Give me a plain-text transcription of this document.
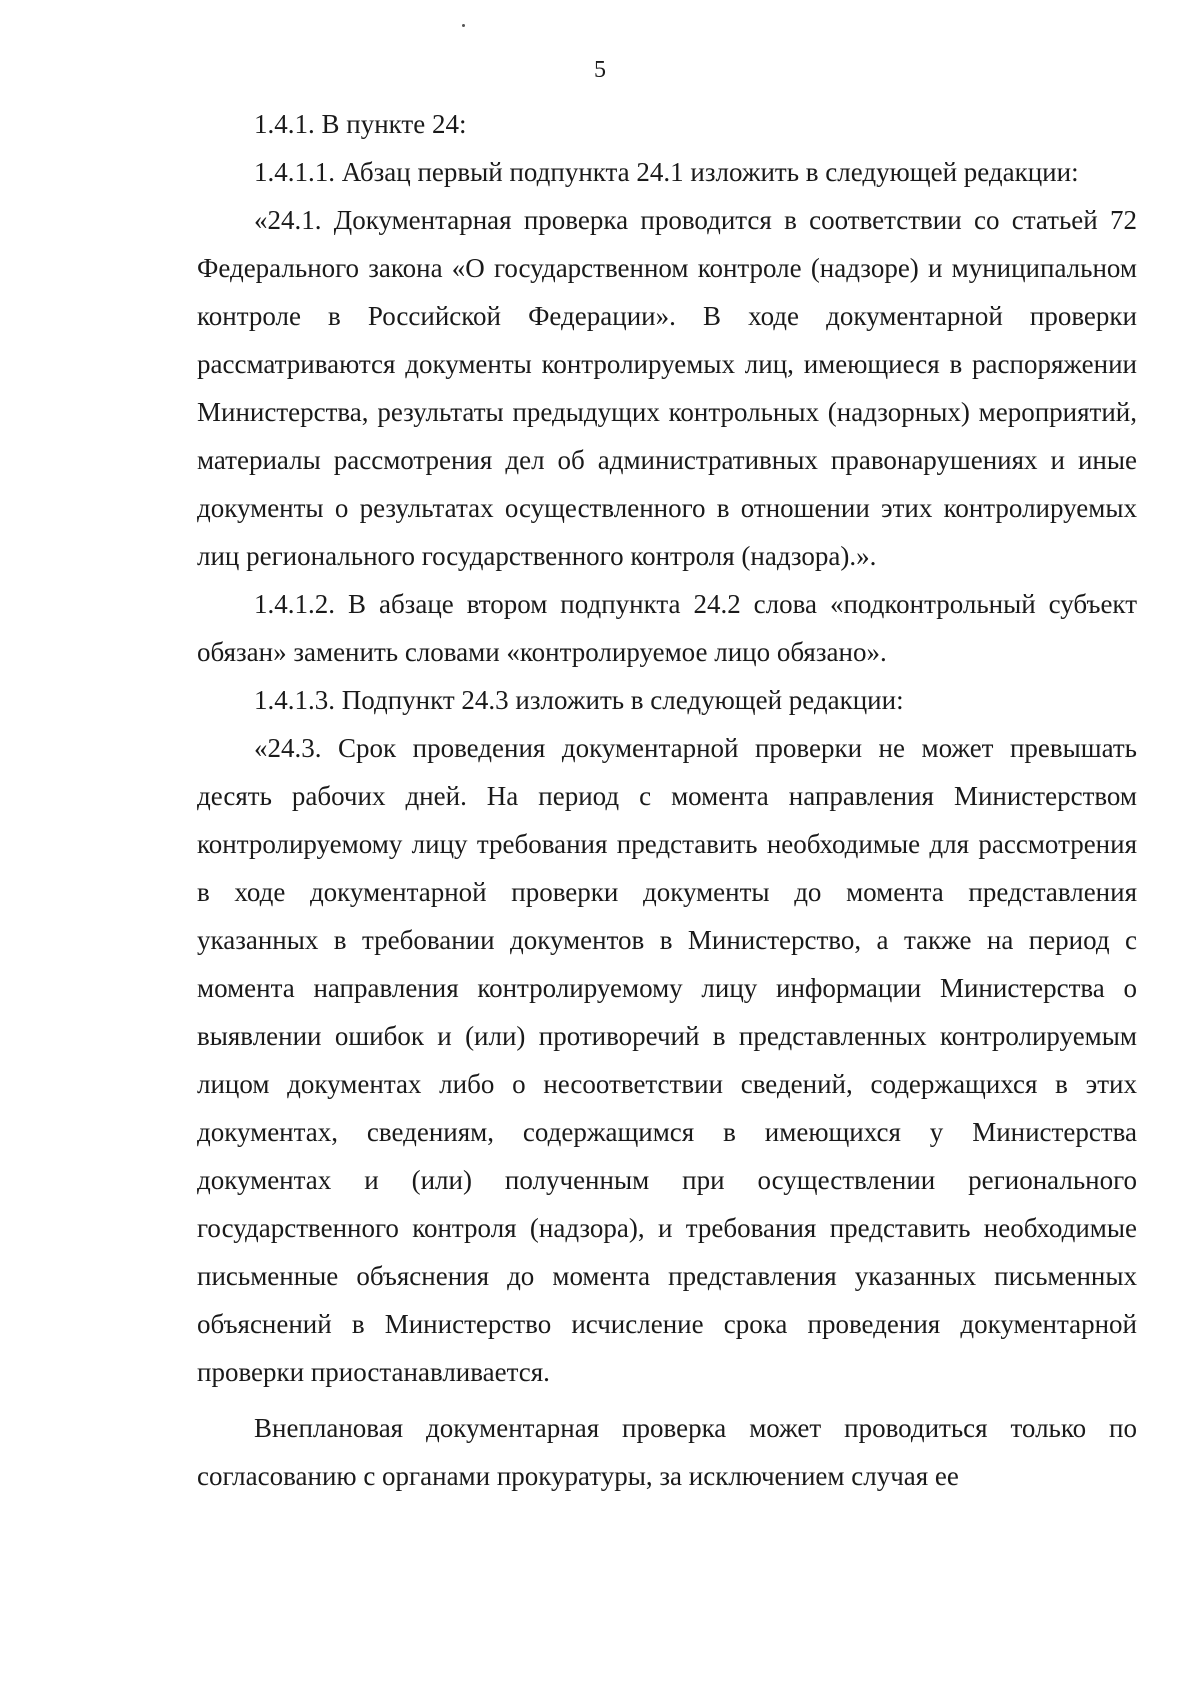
5

1.4.1. В пункте 24:

1.4.1.1. Абзац первый подпункта 24.1 изложить в следующей редакции:

«24.1. Документарная проверка проводится в соответствии со статьей 72 Федерального закона «О государственном контроле (надзоре) и муниципальном контроле в Российской Федерации». В ходе документарной проверки рассматриваются документы контролируемых лиц, имеющиеся в распоряжении Министерства, результаты предыдущих контрольных (надзорных) мероприятий, материалы рассмотрения дел об административных правонарушениях и иные документы о результатах осуществленного в отношении этих контролируемых лиц регионального государственного контроля (надзора).».

1.4.1.2. В абзаце втором подпункта 24.2 слова «подконтрольный субъект обязан» заменить словами «контролируемое лицо обязано».

1.4.1.3. Подпункт 24.3 изложить в следующей редакции:

«24.3. Срок проведения документарной проверки не может превышать десять рабочих дней. На период с момента направления Министерством контролируемому лицу требования представить необходимые для рассмотрения в ходе документарной проверки документы до момента представления указанных в требовании документов в Министерство, а также на период с момента направления контролируемому лицу информации Министерства о выявлении ошибок и (или) противоречий в представленных контролируемым лицом документах либо о несоответствии сведений, содержащихся в этих документах, сведениям, содержащимся в имеющихся у Министерства документах и (или) полученным при осуществлении регионального государственного контроля (надзора), и требования представить необходимые письменные объяснения до момента представления указанных письменных объяснений в Министерство исчисление срока проведения документарной проверки приостанавливается.

Внеплановая документарная проверка может проводиться только по согласованию с органами прокуратуры, за исключением случая ее
